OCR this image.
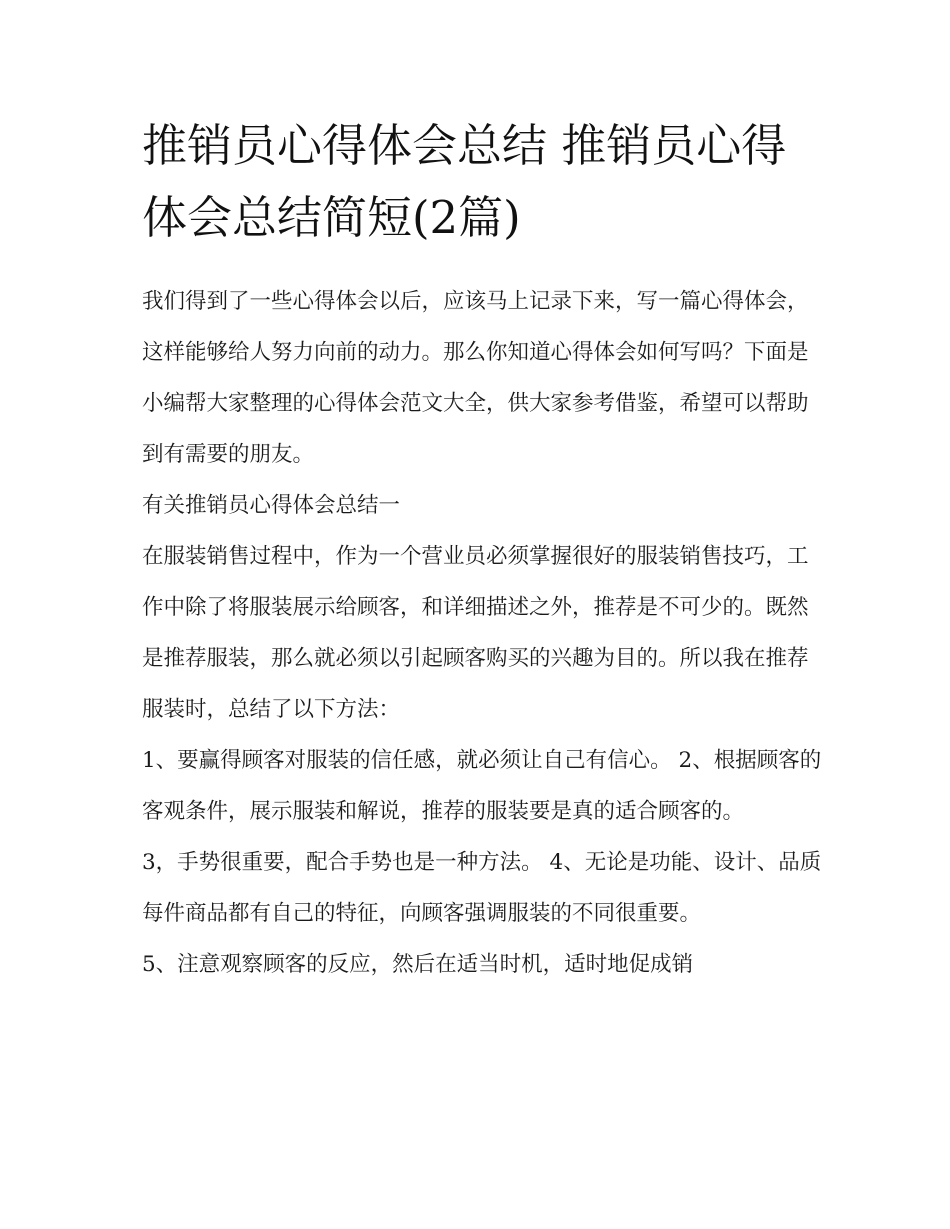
推销员心得体会总结 推销员心得体会总结简短(2篇)

我们得到了一些心得体会以后，应该马上记录下来，写一篇心得体会，这样能够给人努力向前的动力。那么你知道心得体会如何写吗？下面是小编帮大家整理的心得体会范文大全，供大家参考借鉴，希望可以帮助到有需要的朋友。

有关推销员心得体会总结一

在服装销售过程中，作为一个营业员必须掌握很好的服装销售技巧，工作中除了将服装展示给顾客，和详细描述之外，推荐是不可少的。既然是推荐服装，那么就必须以引起顾客购买的兴趣为目的。所以我在推荐服装时，总结了以下方法：

1、要赢得顾客对服装的信任感，就必须让自己有信心。 2、根据顾客的客观条件，展示服装和解说，推荐的服装要是真的适合顾客的。

3，手势很重要，配合手势也是一种方法。 4、无论是功能、设计、品质每件商品都有自己的特征，向顾客强调服装的不同很重要。

5、注意观察顾客的反应，然后在适当时机，适时地促成销
